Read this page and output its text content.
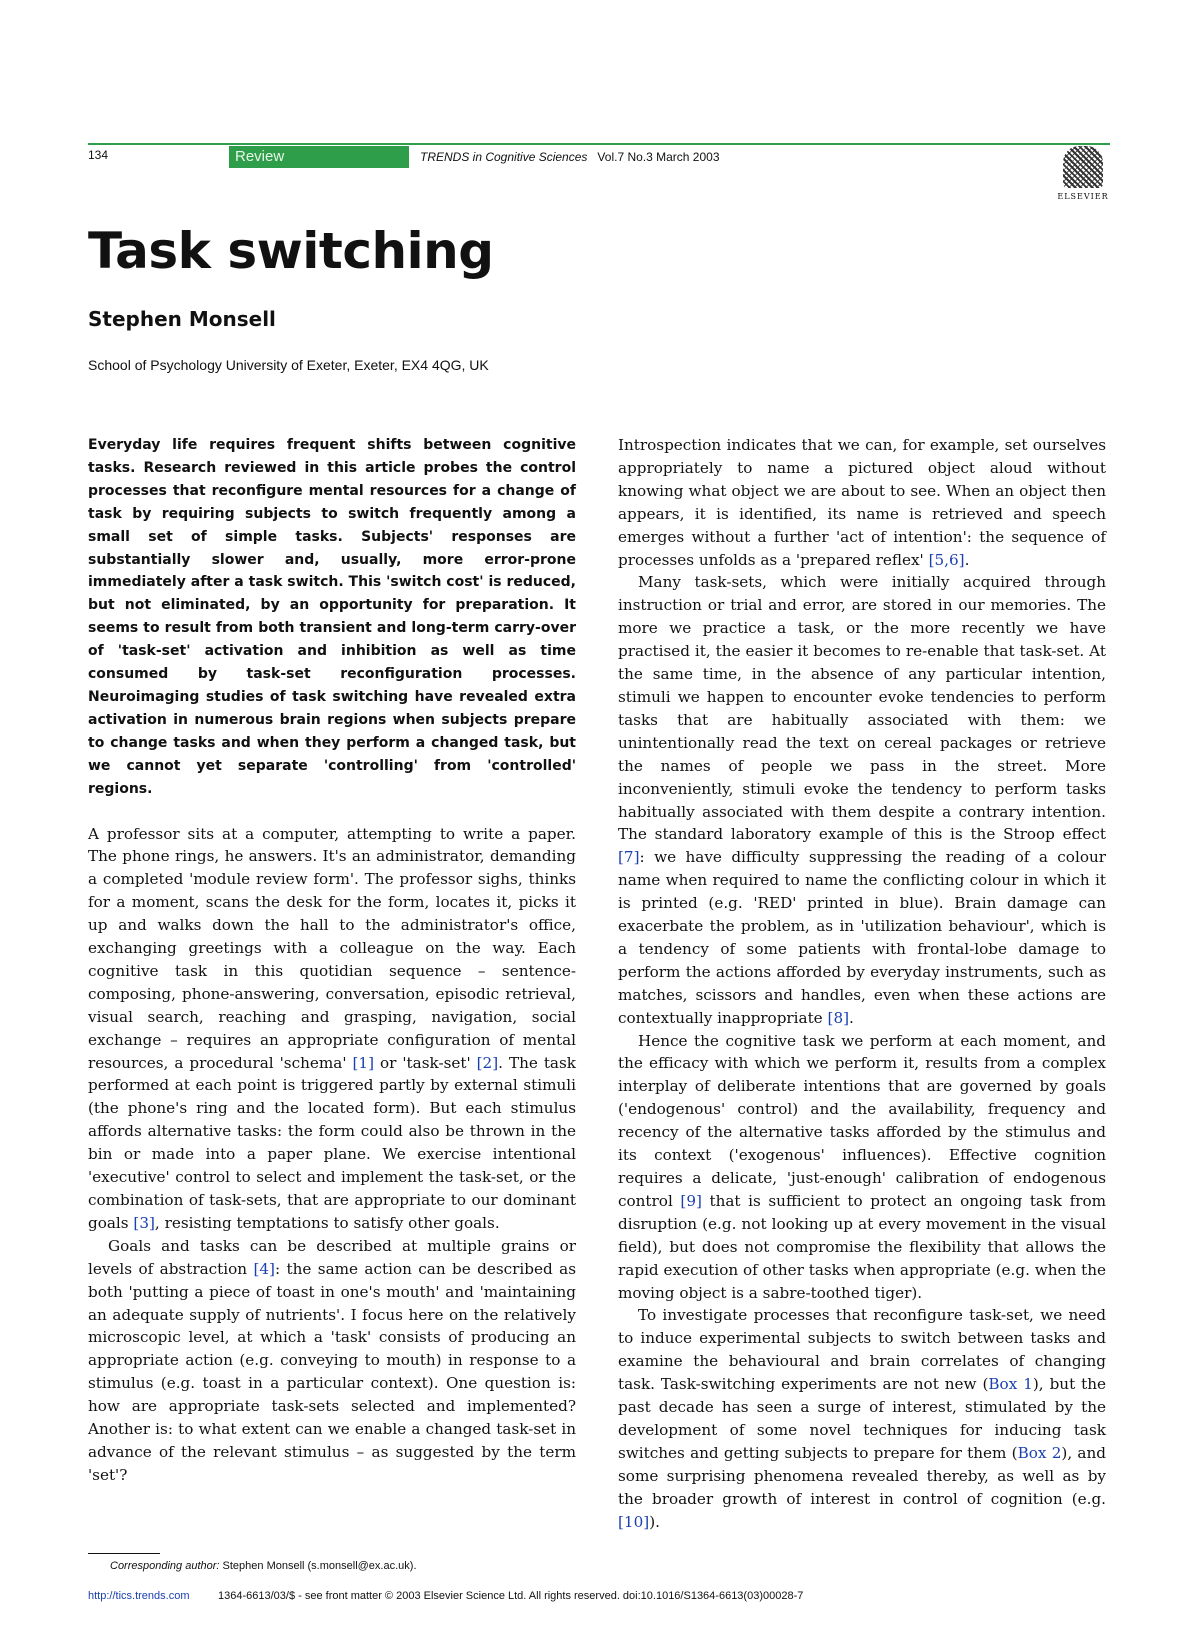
134	Review	TRENDS in Cognitive Sciences Vol.7 No.3 March 2003
ELSEVIER
Task switching
Stephen Monsell
School of Psychology University of Exeter, Exeter, EX4 4QG, UK

Everyday life requires frequent shifts between cognitive tasks. Research reviewed in this article probes the control processes that reconfigure mental resources for a change of task by requiring subjects to switch frequently among a small set of simple tasks. Subjects' responses are substantially slower and, usually, more error-prone immediately after a task switch. This 'switch cost' is reduced, but not eliminated, by an opportunity for preparation. It seems to result from both transient and long-term carry-over of 'task-set' activation and inhibition as well as time consumed by task-set reconfiguration processes. Neuroimaging studies of task switching have revealed extra activation in numerous brain regions when subjects prepare to change tasks and when they perform a changed task, but we cannot yet separate 'controlling' from 'controlled' regions.

A professor sits at a computer, attempting to write a paper. The phone rings, he answers. It's an administrator, demanding a completed 'module review form'. The professor sighs, thinks for a moment, scans the desk for the form, locates it, picks it up and walks down the hall to the administrator's office, exchanging greetings with a colleague on the way. Each cognitive task in this quotidian sequence – sentence-composing, phone-answering, conversation, episodic retrieval, visual search, reaching and grasping, navigation, social exchange – requires an appropriate configuration of mental resources, a procedural 'schema' [1] or 'task-set' [2]. The task performed at each point is triggered partly by external stimuli (the phone's ring and the located form). But each stimulus affords alternative tasks: the form could also be thrown in the bin or made into a paper plane. We exercise intentional 'executive' control to select and implement the task-set, or the combination of task-sets, that are appropriate to our dominant goals [3], resisting temptations to satisfy other goals.

Goals and tasks can be described at multiple grains or levels of abstraction [4]: the same action can be described as both 'putting a piece of toast in one's mouth' and 'maintaining an adequate supply of nutrients'. I focus here on the relatively microscopic level, at which a 'task' consists of producing an appropriate action (e.g. conveying to mouth) in response to a stimulus (e.g. toast in a particular context). One question is: how are appropriate task-sets selected and implemented? Another is: to what extent can we enable a changed task-set in advance of the relevant stimulus – as suggested by the term 'set'?

Introspection indicates that we can, for example, set ourselves appropriately to name a pictured object aloud without knowing what object we are about to see. When an object then appears, it is identified, its name is retrieved and speech emerges without a further 'act of intention': the sequence of processes unfolds as a 'prepared reflex' [5,6].

Many task-sets, which were initially acquired through instruction or trial and error, are stored in our memories. The more we practice a task, or the more recently we have practised it, the easier it becomes to re-enable that task-set. At the same time, in the absence of any particular intention, stimuli we happen to encounter evoke tendencies to perform tasks that are habitually associated with them: we unintentionally read the text on cereal packages or retrieve the names of people we pass in the street. More inconveniently, stimuli evoke the tendency to perform tasks habitually associated with them despite a contrary intention. The standard laboratory example of this is the Stroop effect [7]: we have difficulty suppressing the reading of a colour name when required to name the conflicting colour in which it is printed (e.g. 'RED' printed in blue). Brain damage can exacerbate the problem, as in 'utilization behaviour', which is a tendency of some patients with frontal-lobe damage to perform the actions afforded by everyday instruments, such as matches, scissors and handles, even when these actions are contextually inappropriate [8].

Hence the cognitive task we perform at each moment, and the efficacy with which we perform it, results from a complex interplay of deliberate intentions that are governed by goals ('endogenous' control) and the availability, frequency and recency of the alternative tasks afforded by the stimulus and its context ('exogenous' influences). Effective cognition requires a delicate, 'just-enough' calibration of endogenous control [9] that is sufficient to protect an ongoing task from disruption (e.g. not looking up at every movement in the visual field), but does not compromise the flexibility that allows the rapid execution of other tasks when appropriate (e.g. when the moving object is a sabre-toothed tiger).

To investigate processes that reconfigure task-set, we need to induce experimental subjects to switch between tasks and examine the behavioural and brain correlates of changing task. Task-switching experiments are not new (Box 1), but the past decade has seen a surge of interest, stimulated by the development of some novel techniques for inducing task switches and getting subjects to prepare for them (Box 2), and some surprising phenomena revealed thereby, as well as by the broader growth of interest in control of cognition (e.g. [10]).

Corresponding author: Stephen Monsell (s.monsell@ex.ac.uk).
http://tics.trends.com	1364-6613/03/$ - see front matter © 2003 Elsevier Science Ltd. All rights reserved. doi:10.1016/S1364-6613(03)00028-7
